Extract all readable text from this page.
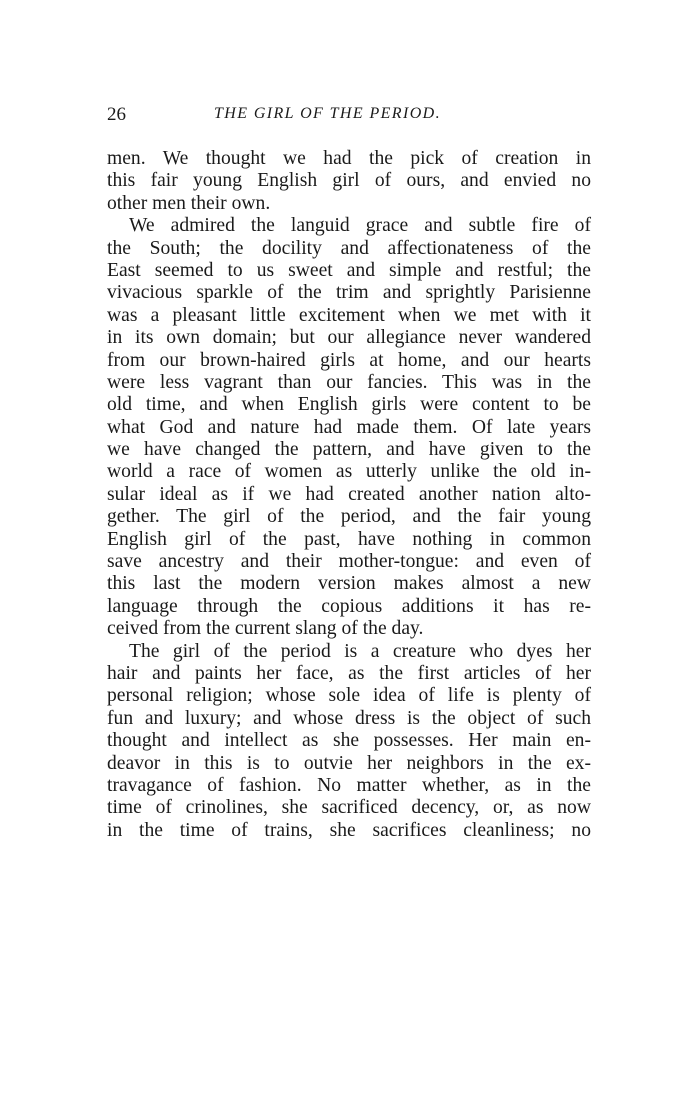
26	THE GIRL OF THE PERIOD.
men. We thought we had the pick of creation in
this fair young English girl of ours, and envied no
other men their own.
We admired the languid grace and subtle fire of
the South; the docility and affectionateness of the
East seemed to us sweet and simple and restful; the
vivacious sparkle of the trim and sprightly Parisienne
was a pleasant little excitement when we met with it
in its own domain; but our allegiance never wandered
from our brown-haired girls at home, and our hearts
were less vagrant than our fancies. This was in the
old time, and when English girls were content to be
what God and nature had made them. Of late years
we have changed the pattern, and have given to the
world a race of women as utterly unlike the old in-
sular ideal as if we had created another nation alto-
gether. The girl of the period, and the fair young
English girl of the past, have nothing in common
save ancestry and their mother-tongue: and even of
this last the modern version makes almost a new
language through the copious additions it has re-
ceived from the current slang of the day.
The girl of the period is a creature who dyes her
hair and paints her face, as the first articles of her
personal religion; whose sole idea of life is plenty of
fun and luxury; and whose dress is the object of such
thought and intellect as she possesses. Her main en-
deavor in this is to outvie her neighbors in the ex-
travagance of fashion. No matter whether, as in the
time of crinolines, she sacrificed decency, or, as now
in the time of trains, she sacrifices cleanliness; no
